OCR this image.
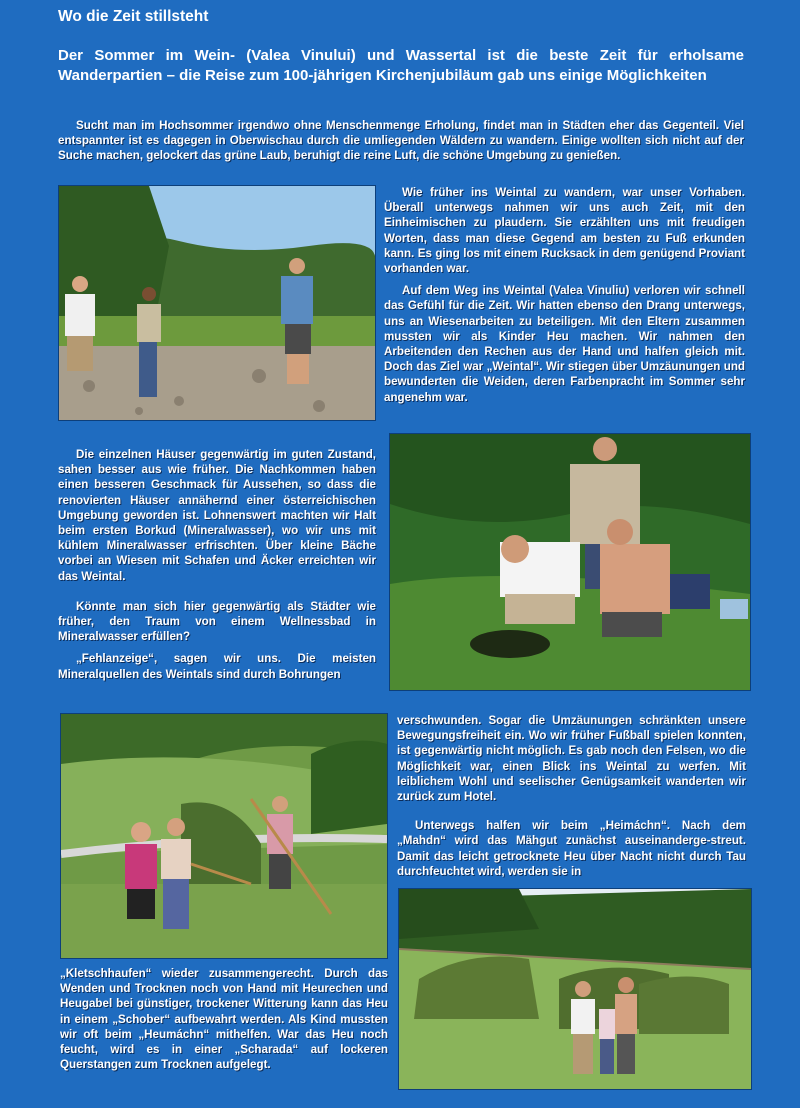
Wo die Zeit stillsteht
Der Sommer im Wein- (Valea Vinului) und Wassertal ist die beste Zeit für erholsame Wanderpartien – die Reise zum 100-jährigen Kirchenjubiläum gab uns einige Möglichkeiten

Sucht man im Hochsommer irgendwo ohne Menschenmenge Erholung, findet man in Städten eher das Gegenteil. Viel entspannter ist es dagegen in Oberwischau durch die umliegenden Wäldern zu wandern. Einige wollten sich nicht auf der Suche machen, gelockert das grüne Laub, beruhigt die reine Luft, die schöne Umgebung zu genießen.

Wie früher ins Weintal zu wandern, war unser Vorhaben. Überall unterwegs nahmen wir uns auch Zeit, mit den Einheimischen zu plaudern. Sie erzählten uns mit freudigen Worten, dass man diese Gegend am besten zu Fuß erkunden kann. Es ging los mit einem Rucksack in dem genügend Proviant vorhanden war.

Auf dem Weg ins Weintal (Valea Vinuliu) verloren wir schnell das Gefühl für die Zeit. Wir hatten ebenso den Drang unterwegs, uns an Wiesenarbeiten zu beteiligen. Mit den Eltern zusammen mussten wir als Kinder Heu machen. Wir nahmen den Arbeitenden den Rechen aus der Hand und halfen gleich mit. Doch das Ziel war „Weintal“. Wir stiegen über Umzäunungen und bewunderten die Weiden, deren Farbenpracht im Sommer sehr angenehm war.

Die einzelnen Häuser gegenwärtig im guten Zustand, sahen besser aus wie früher. Die Nachkommen haben einen besseren Geschmack für Aussehen, so dass die renovierten Häuser annähernd einer österreichischen Umgebung geworden ist. Lohnenswert machten wir Halt beim ersten Borkud (Mineralwasser), wo wir uns mit kühlem Mineralwasser erfrischten. Über kleine Bäche vorbei an Wiesen mit Schafen und Äcker erreichten wir das Weintal.

Könnte man sich hier gegenwärtig als Städter wie früher, den Traum von einem Wellnessbad in Mineralwasser erfüllen?

„Fehlanzeige“, sagen wir uns. Die meisten Mineralquellen des Weintals sind durch Bohrungen

verschwunden. Sogar die Umzäunungen schränkten unsere Bewegungsfreiheit ein. Wo wir früher Fußball spielen konnten, ist gegenwärtig nicht möglich. Es gab noch den Felsen, wo die Möglichkeit war, einen Blick ins Weintal zu werfen. Mit leiblichem Wohl und seelischer Genügsamkeit wanderten wir zurück zum Hotel.

Unterwegs halfen wir beim „Heimáchn“. Nach dem „Mahdn“ wird das Mähgut zunächst auseinanderge-streut. Damit das leicht getrocknete Heu über Nacht nicht durch Tau durchfeuchtet wird, werden sie in

„Kletschhaufen“ wieder zusammengerecht. Durch das Wenden und Trocknen noch von Hand mit Heurechen und Heugabel bei günstiger, trockener Witterung kann das Heu in einem „Schober“ aufbewahrt werden. Als Kind mussten wir oft beim „Heumáchn“ mithelfen. War das Heu noch feucht, wird es in einer „Scharada“ auf lockeren Querstangen zum Trocknen aufgelegt.
